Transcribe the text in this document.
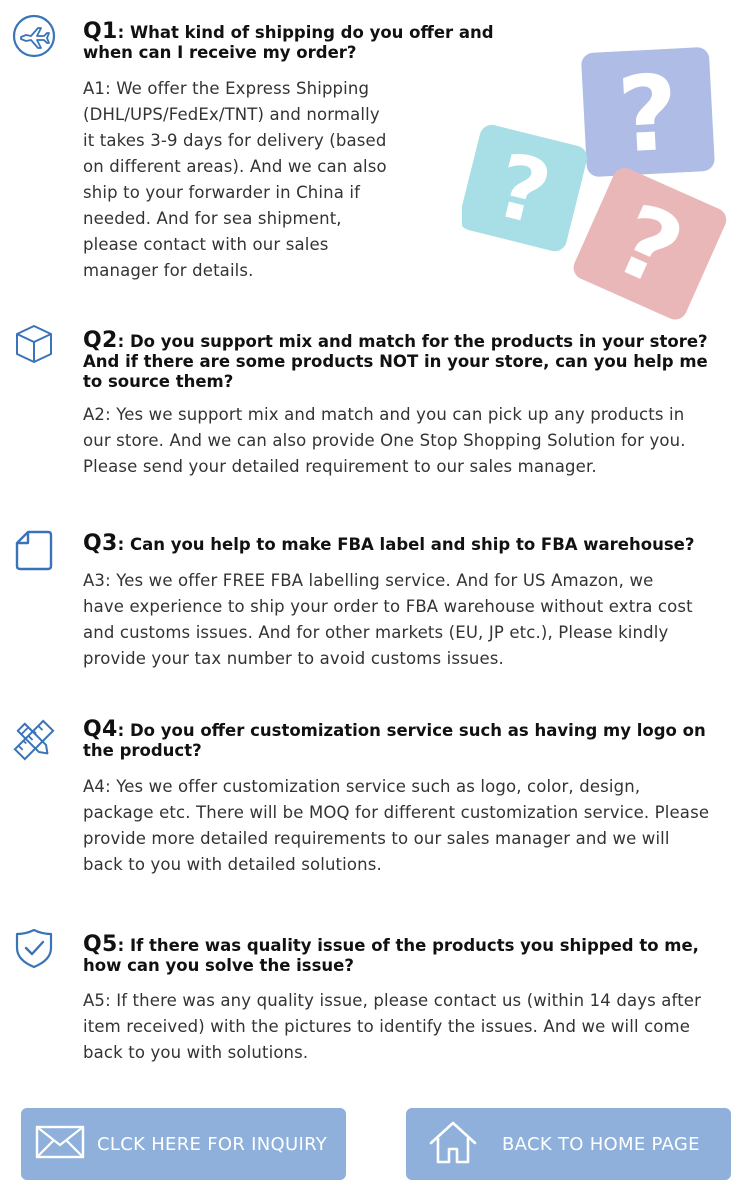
Q1: What kind of shipping do you offer and when can I receive my order?

A1: We offer the Express Shipping
(DHL/UPS/FedEx/TNT) and normally
it takes 3-9 days for delivery (based
on different areas). And we can also
ship to your forwarder in China if
needed. And for sea shipment,
please contact with our sales
manager for details.

?
? ?

Q2: Do you support mix and match for the products in your store? And if there are some products NOT in your store, can you help me to source them?

A2: Yes we support mix and match and you can pick up any products in
our store. And we can also provide One Stop Shopping Solution for you.
Please send your detailed requirement to our sales manager.

Q3: Can you help to make FBA label and ship to FBA warehouse?

A3: Yes we offer FREE FBA labelling service. And for US Amazon, we
have experience to ship your order to FBA warehouse without extra cost
and customs issues. And for other markets (EU, JP etc.), Please kindly
provide your tax number to avoid customs issues.

Q4: Do you offer customization service such as having my logo on the product?

A4: Yes we offer customization service such as logo, color, design,
package etc. There will be MOQ for different customization service. Please
provide more detailed requirements to our sales manager and we will
back to you with detailed solutions.

Q5: If there was quality issue of the products you shipped to me, how can you solve the issue?

A5: If there was any quality issue, please contact us (within 14 days after
item received) with the pictures to identify the issues. And we will come
back to you with solutions.

CLCK HERE FOR INQUIRY	BACK TO HOME PAGE
